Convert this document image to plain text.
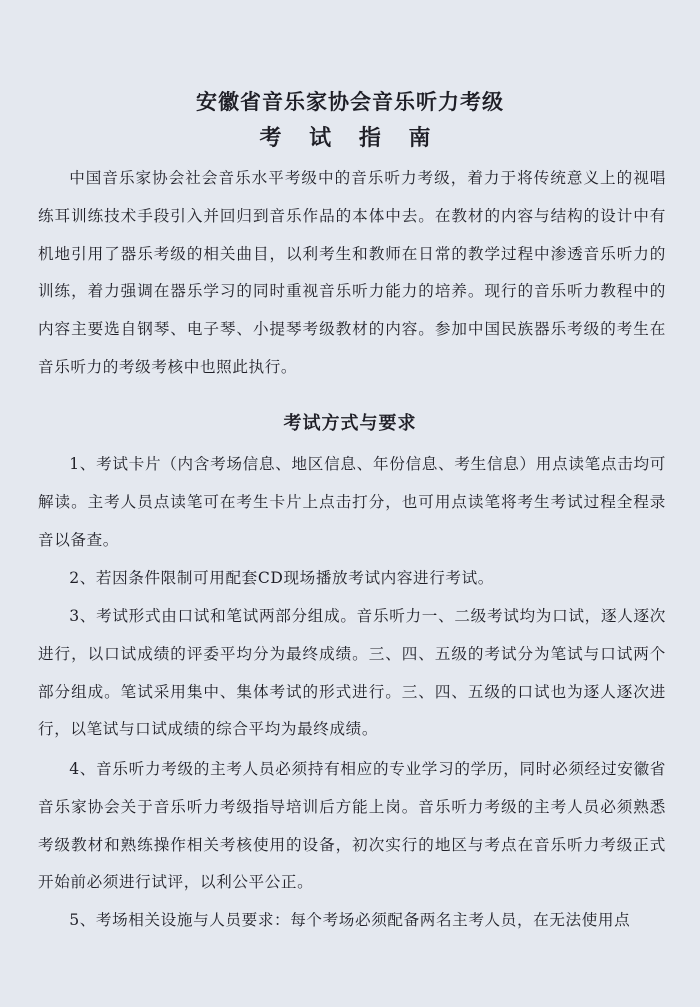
安徽省音乐家协会音乐听力考级
考 试 指 南

中国音乐家协会社会音乐水平考级中的音乐听力考级，着力于将传统意义上的视唱练耳训练技术手段引入并回归到音乐作品的本体中去。在教材的内容与结构的设计中有机地引用了器乐考级的相关曲目，以利考生和教师在日常的教学过程中渗透音乐听力的训练，着力强调在器乐学习的同时重视音乐听力能力的培养。现行的音乐听力教程中的内容主要选自钢琴、电子琴、小提琴考级教材的内容。参加中国民族器乐考级的考生在音乐听力的考级考核中也照此执行。

考试方式与要求

1、考试卡片（内含考场信息、地区信息、年份信息、考生信息）用点读笔点击均可解读。主考人员点读笔可在考生卡片上点击打分，也可用点读笔将考生考试过程全程录音以备查。

2、若因条件限制可用配套CD现场播放考试内容进行考试。

3、考试形式由口试和笔试两部分组成。音乐听力一、二级考试均为口试，逐人逐次进行，以口试成绩的评委平均分为最终成绩。三、四、五级的考试分为笔试与口试两个部分组成。笔试采用集中、集体考试的形式进行。三、四、五级的口试也为逐人逐次进行，以笔试与口试成绩的综合平均为最终成绩。

4、音乐听力考级的主考人员必须持有相应的专业学习的学历，同时必须经过安徽省音乐家协会关于音乐听力考级指导培训后方能上岗。音乐听力考级的主考人员必须熟悉考级教材和熟练操作相关考核使用的设备，初次实行的地区与考点在音乐听力考级正式开始前必须进行试评，以利公平公正。

5、考场相关设施与人员要求：每个考场必须配备两名主考人员，在无法使用点
